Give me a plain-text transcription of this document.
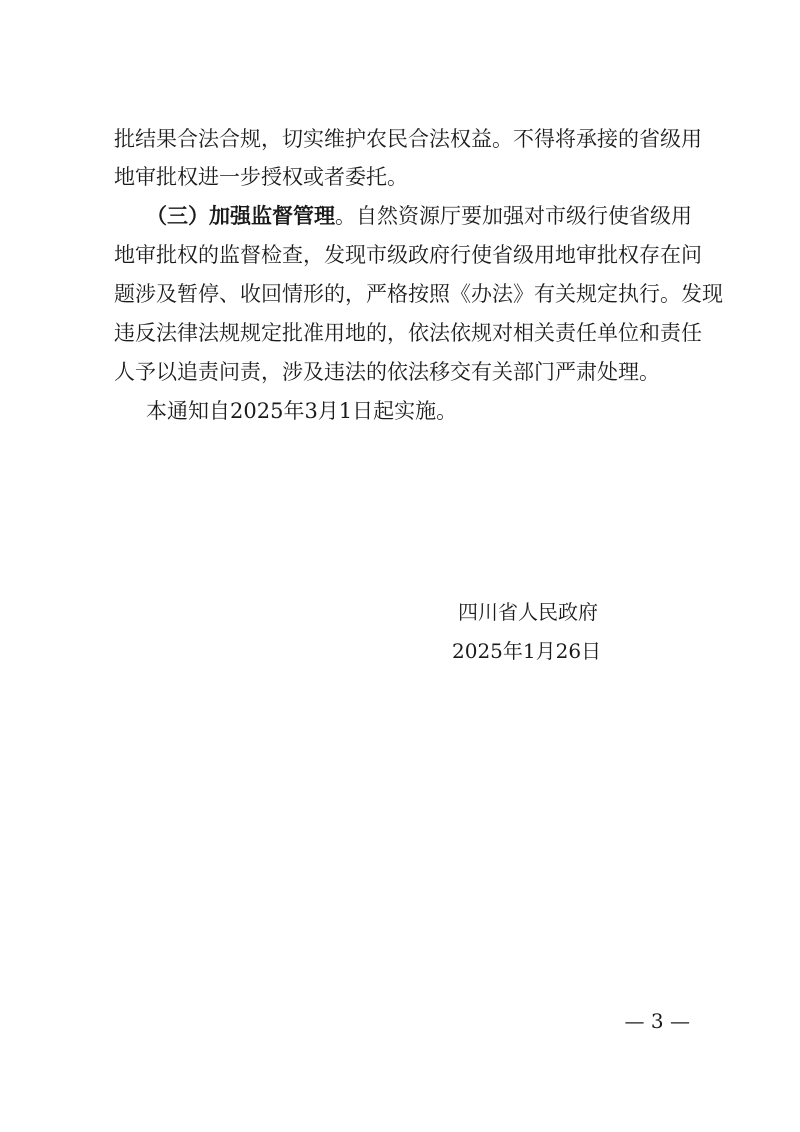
批结果合法合规，切实维护农民合法权益。不得将承接的省级用
地审批权进一步授权或者委托。
（三）加强监督管理。自然资源厅要加强对市级行使省级用
地审批权的监督检查，发现市级政府行使省级用地审批权存在问
题涉及暂停、收回情形的，严格按照《办法》有关规定执行。发现
违反法律法规规定批准用地的，依法依规对相关责任单位和责任
人予以追责问责，涉及违法的依法移交有关部门严肃处理。
本通知自2025年3月1日起实施。
四川省人民政府
2025年1月26日
— 3 —
